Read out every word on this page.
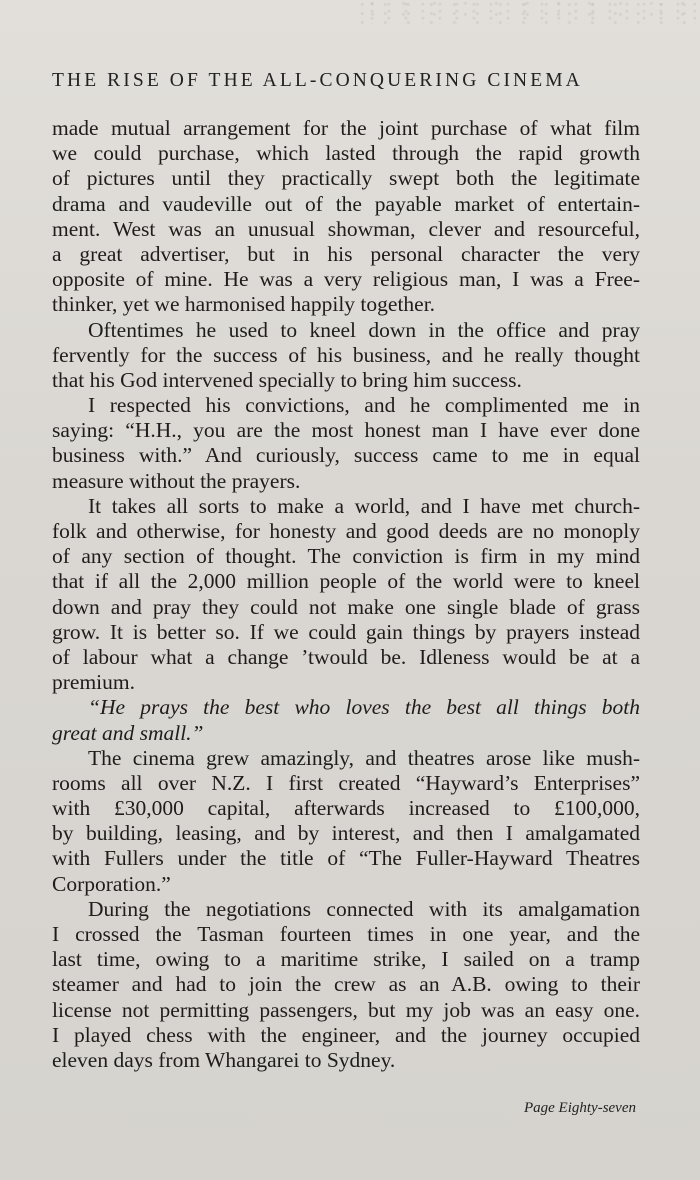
THE RISE OF THE ALL-CONQUERING CINEMA
made mutual arrangement for the joint purchase of what film
we could purchase, which lasted through the rapid growth
of pictures until they practically swept both the legitimate
drama and vaudeville out of the payable market of entertain-
ment. West was an unusual showman, clever and resourceful,
a great advertiser, but in his personal character the very
opposite of mine. He was a very religious man, I was a Free-
thinker, yet we harmonised happily together.
Oftentimes he used to kneel down in the office and pray
fervently for the success of his business, and he really thought
that his God intervened specially to bring him success.
I respected his convictions, and he complimented me in
saying: “H.H., you are the most honest man I have ever done
business with.” And curiously, success came to me in equal
measure without the prayers.
It takes all sorts to make a world, and I have met church-
folk and otherwise, for honesty and good deeds are no monoply
of any section of thought. The conviction is firm in my mind
that if all the 2,000 million people of the world were to kneel
down and pray they could not make one single blade of grass
grow. It is better so. If we could gain things by prayers instead
of labour what a change ’twould be. Idleness would be at a
premium.
“He prays the best who loves the best all things both
great and small.”
The cinema grew amazingly, and theatres arose like mush-
rooms all over N.Z. I first created “Hayward’s Enterprises”
with £30,000 capital, afterwards increased to £100,000,
by building, leasing, and by interest, and then I amalgamated
with Fullers under the title of “The Fuller-Hayward Theatres
Corporation.”
During the negotiations connected with its amalgamation
I crossed the Tasman fourteen times in one year, and the
last time, owing to a maritime strike, I sailed on a tramp
steamer and had to join the crew as an A.B. owing to their
license not permitting passengers, but my job was an easy one.
I played chess with the engineer, and the journey occupied
eleven days from Whangarei to Sydney.
Page Eighty-seven
